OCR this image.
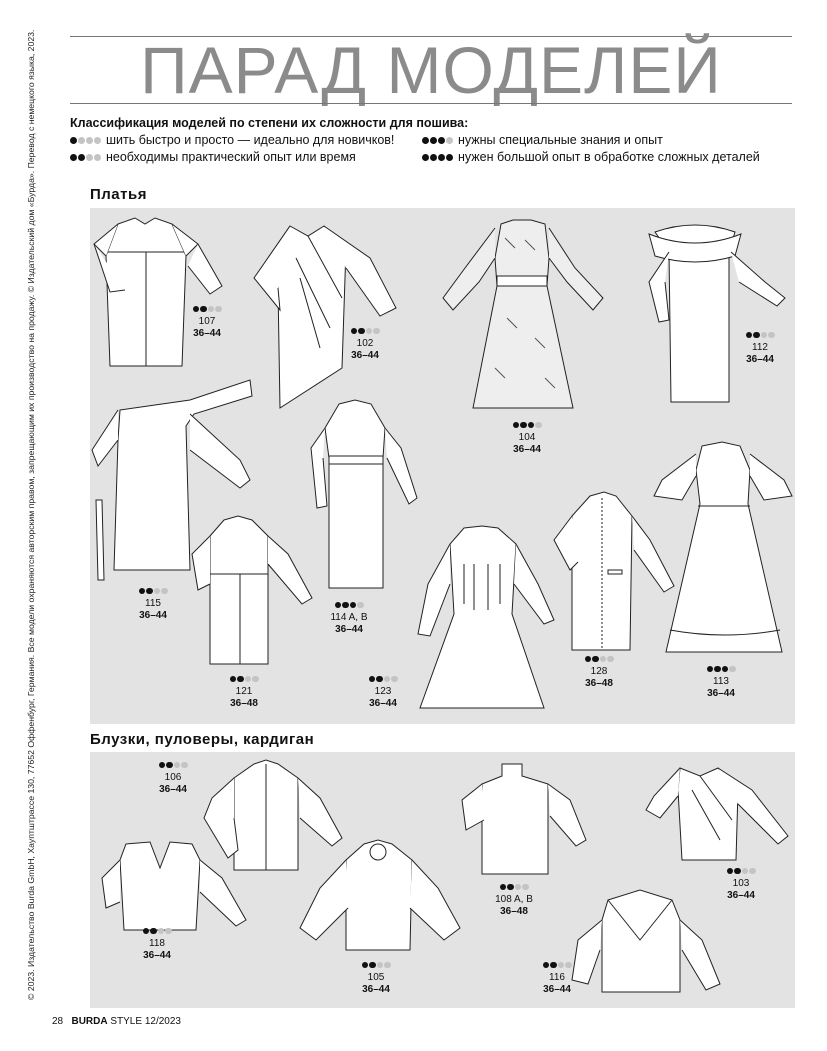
ПАРАД МОДЕЛЕЙ
Классификация моделей по степени их сложности для пошива:
шить быстро и просто — идеально для новичков!
необходимы практический опыт или время
нужны специальные знания и опыт
нужен большой опыт в обработке сложных деталей
Платья
107
36–44
102
36–44
104
36–44
112
36–44
115
36–44	114 A, B
36–44
121
36–48
123
36–44
128
36–48	113
36–44
Блузки, пуловеры, кардиган
106
36–44
118
36–44
105
36–44
108 A, B
36–48
116
36–44
103
36–44
© 2023. Издательство Burda GmbH, Хауптштрассе 130, 77652 Оффенбург, Германия. Все модели охраняются авторским правом, запрещающим их производство на продажу. © Издательский дом «Бурда». Перевод с немецкого языка, 2023.
28 BURDA STYLE 12/2023
